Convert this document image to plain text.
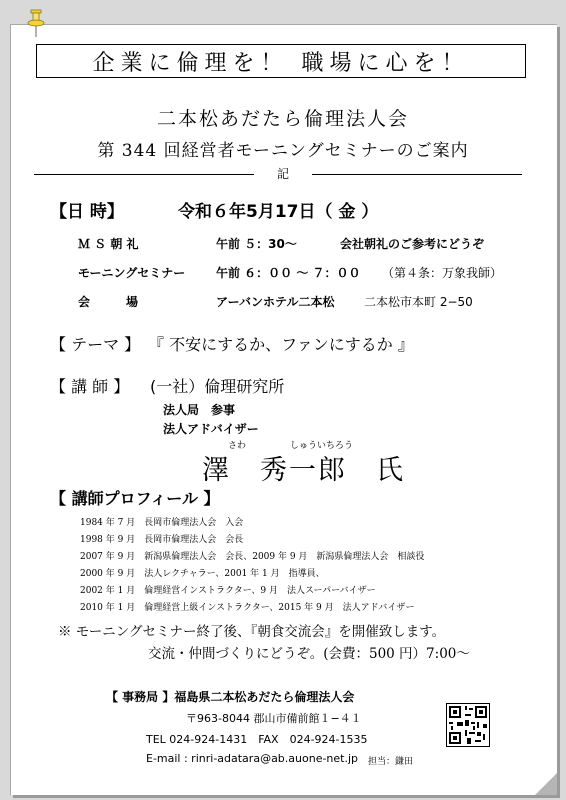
企業に倫理を！ 職場に心を！
二本松あだたら倫理法人会
第 344 回経営者モーニングセミナーのご案内
記
【日 時】	令和６年5月17日（ 金 ）
Ｍ Ｓ 朝 礼	午前 ５：30〜	会社朝礼のご参考にどうぞ
モーニングセミナー	午前 ６：００ 〜 ７：００ （第４条：万象我師）
会　　　場	アーバンホテル二本松 二本松市本町 2−50
【 テーマ 】 『 不安にするか、ファンにするか 』
【 講 師 】 (一社）倫理研究所
法人局　参事
法人アドバイザー
さわ	しゅういちろう
澤　秀一郎　氏
【 講師プロフィール 】
1984 年 7 月　長岡市倫理法人会　入会
1998 年 9 月　長岡市倫理法人会　会長
2007 年 9 月　新潟県倫理法人会　会長、2009 年 9 月　新潟県倫理法人会　相談役
2000 年 9 月　法人レクチャラー、2001 年 1 月　指導員、
2002 年 1 月　倫理経営インストラクター、9 月　法人スーパーバイザー
2010 年 1 月　倫理経営上級インストラクター、2015 年 9 月　法人アドバイザー
※ モーニングセミナー終了後、『朝食交流会』を開催致します。
交流・仲間づくりにどうぞ。(会費：500 円）7:00〜
【 事務局 】福島県二本松あだたら倫理法人会
〒963-8044 郡山市備前館１−４１
TEL 024-924-1431　FAX　024-924-1535
E-mail : rinri-adatara@ab.auone-net.jp 担当：鎌田
